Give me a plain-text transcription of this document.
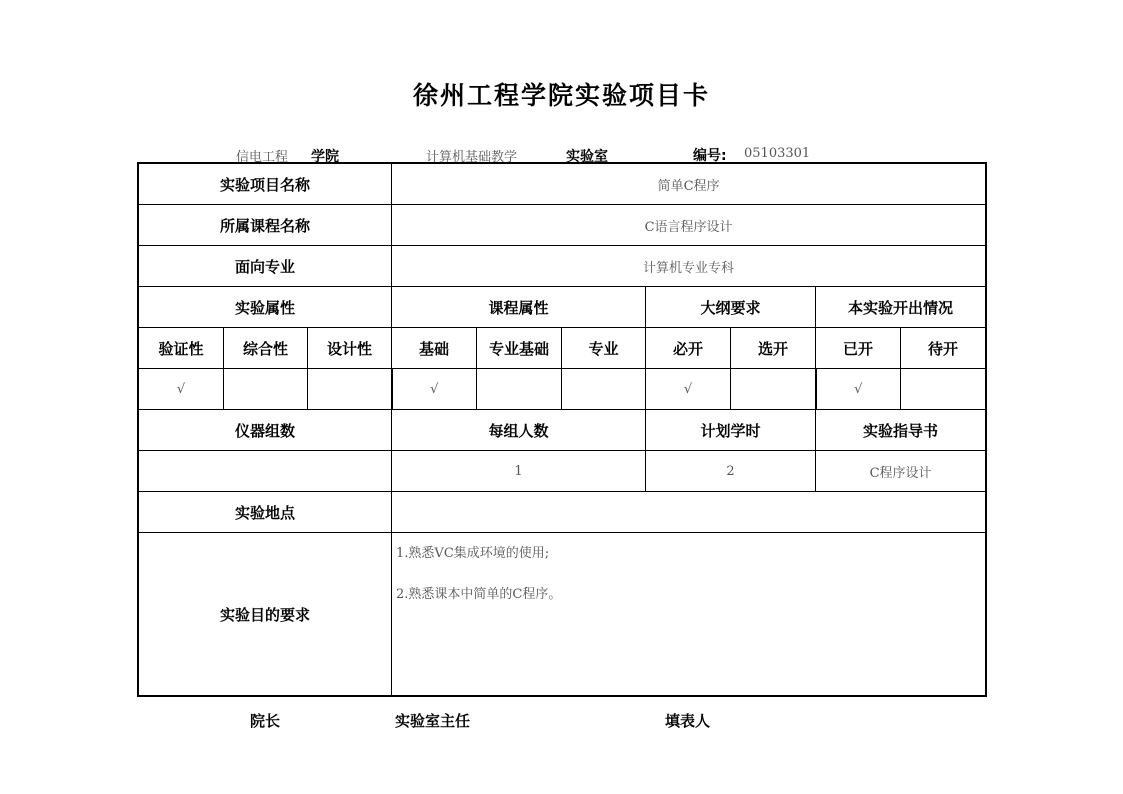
徐州工程学院实验项目卡
信电工程 学院	计算机基础教学	实验室	编号: 05103301
实验项目名称			简单C程序						
所属课程名称			C语言程序设计						
面向专业			计算机专业专科						
实验属性			课程属性			大纲要求		本实验开出情况	
验证性	综合性	设计性	基础	专业基础	专业	必开	选开	已开	待开
√			√			√		√	
仪器组数			每组人数			计划学时		实验指导书	
			1			2		C程序设计	
实验地点									
实验目的要求			1.熟悉VC集成环境的使用;
2.熟悉课本中简单的C程序。						
院长	实验室主任	填表人
